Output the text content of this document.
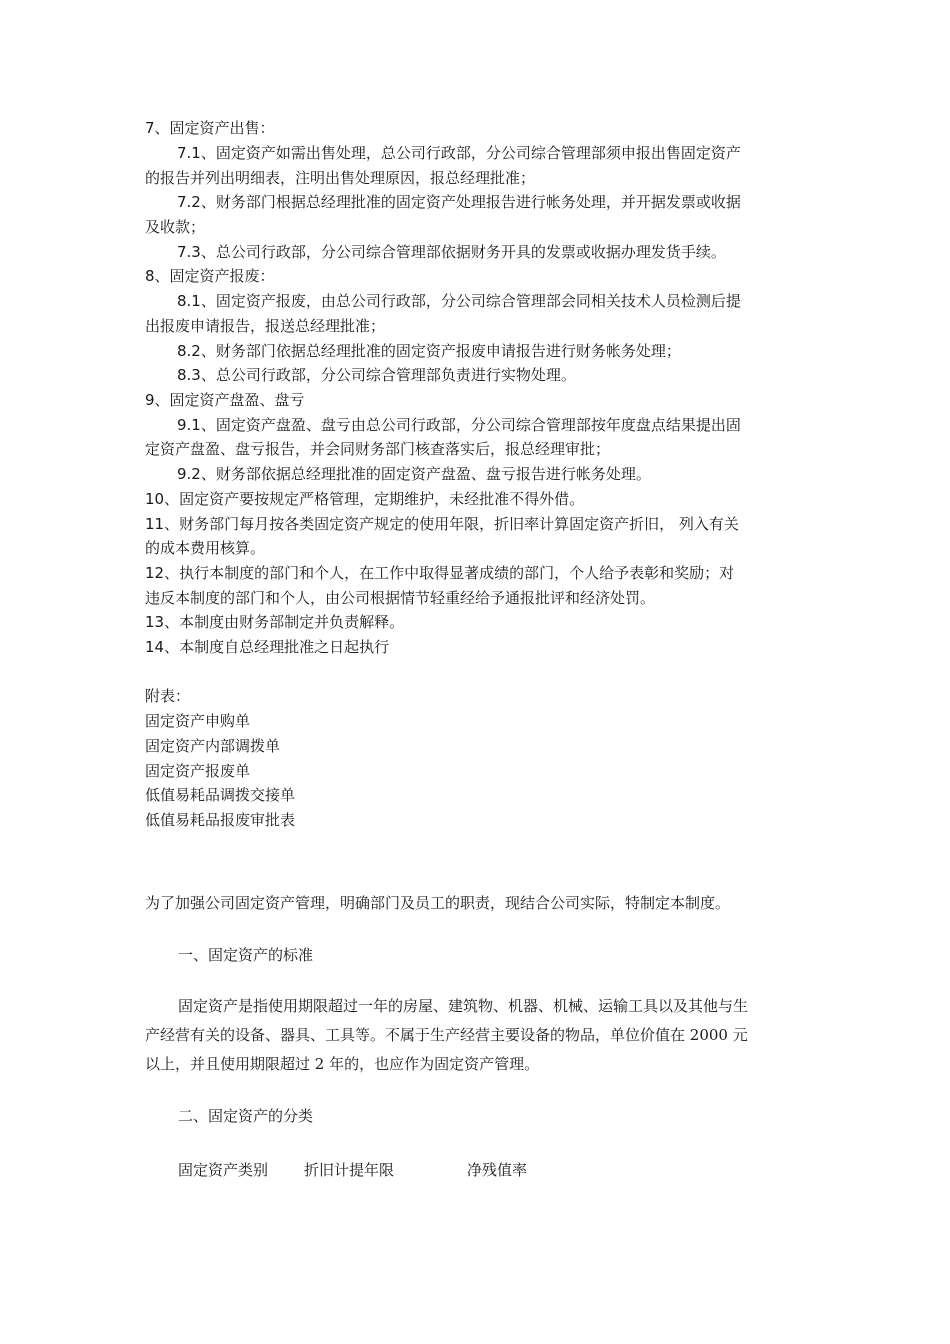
7、固定资产出售：
7.1、固定资产如需出售处理，总公司行政部，分公司综合管理部须申报出售固定资产
的报告并列出明细表，注明出售处理原因，报总经理批准；
7.2、财务部门根据总经理批准的固定资产处理报告进行帐务处理，并开据发票或收据
及收款；
7.3、总公司行政部，分公司综合管理部依据财务开具的发票或收据办理发货手续。
8、固定资产报废：
8.1、固定资产报废，由总公司行政部，分公司综合管理部会同相关技术人员检测后提
出报废申请报告，报送总经理批准；
8.2、财务部门依据总经理批准的固定资产报废申请报告进行财务帐务处理；
8.3、总公司行政部，分公司综合管理部负责进行实物处理。
9、固定资产盘盈、盘亏
9.1、固定资产盘盈、盘亏由总公司行政部，分公司综合管理部按年度盘点结果提出固
定资产盘盈、盘亏报告，并会同财务部门核查落实后，报总经理审批；
9.2、财务部依据总经理批准的固定资产盘盈、盘亏报告进行帐务处理。
10、固定资产要按规定严格管理，定期维护，未经批准不得外借。
11、财务部门每月按各类固定资产规定的使用年限，折旧率计算固定资产折旧， 列入有关
的成本费用核算。
12、执行本制度的部门和个人，在工作中取得显著成绩的部门，个人给予表彰和奖励；对
违反本制度的部门和个人，由公司根据情节轻重经给予通报批评和经济处罚。
13、本制度由财务部制定并负责解释。
14、本制度自总经理批准之日起执行
附表：
固定资产申购单
固定资产内部调拨单
固定资产报废单
低值易耗品调拨交接单
低值易耗品报废审批表
为了加强公司固定资产管理，明确部门及员工的职责，现结合公司实际，特制定本制度。
一、固定资产的标准
固定资产是指使用期限超过一年的房屋、建筑物、机器、机械、运输工具以及其他与生
产经营有关的设备、器具、工具等。不属于生产经营主要设备的物品，单位价值在 2000 元
以上，并且使用期限超过 2 年的，也应作为固定资产管理。
二、固定资产的分类
固定资产类别 折旧计提年限	净残值率
